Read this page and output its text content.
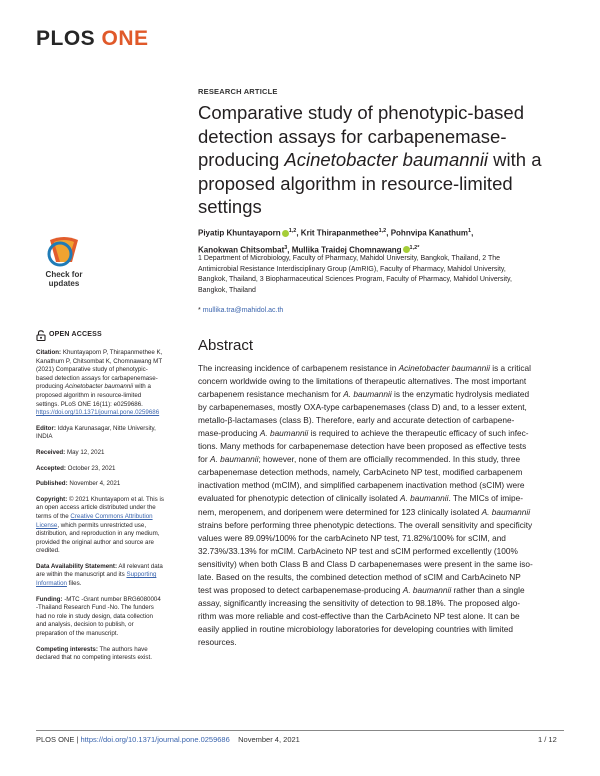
PLOS ONE
RESEARCH ARTICLE
Comparative study of phenotypic-based
detection assays for carbapenemase-
producing Acinetobacter baumannii with a
proposed algorithm in resource-limited
settings
Piyatip Khuntayaporn $^{1,2}$, Krit Thirapanmethee$^{1,2}$, Pohnvipa Kanathum$^1$,
Kanokwan Chitsombat$^3$, Mullika Traidej Chomnawang $^{1,2*}$
1 Department of Microbiology, Faculty of Pharmacy, Mahidol University, Bangkok, Thailand, 2 The
Antimicrobial Resistance Interdisciplinary Group (AmRIG), Faculty of Pharmacy, Mahidol University,
Bangkok, Thailand, 3 Biopharmaceutical Sciences Program, Faculty of Pharmacy, Mahidol University,
Bangkok, Thailand
* mullika.tra@mahidol.ac.th
Check for
updates
OPEN ACCESS

Citation: Khuntayaporn P, Thirapanmethee K, Kanathum P, Chitsombat K, Chomnawang MT (2021) Comparative study of phenotypic-based detection assays for carbapenemase-producing Acinetobacter baumannii with a proposed algorithm in resource-limited settings. PLoS ONE 16(11): e0259686. https://doi.org/10.1371/journal.pone.0259686

Editor: Iddya Karunasagar, Nitte University, INDIA

Received: May 12, 2021

Accepted: October 23, 2021

Published: November 4, 2021

Copyright: © 2021 Khuntayaporn et al. This is an open access article distributed under the terms of the Creative Commons Attribution License, which permits unrestricted use, distribution, and reproduction in any medium, provided the original author and source are credited.

Data Availability Statement: All relevant data are within the manuscript and its Supporting Information files.

Funding: -MTC -Grant number BRG6080004 -Thailand Research Fund -No. The funders had no role in study design, data collection and analysis, decision to publish, or preparation of the manuscript.

Competing interests: The authors have declared that no competing interests exist.

Abstract
The increasing incidence of carbapenem resistance in Acinetobacter baumannii is a critical
concern worldwide owing to the limitations of therapeutic alternatives. The most important
carbapenem resistance mechanism for A. baumannii is the enzymatic hydrolysis mediated
by carbapenemases, mostly OXA-type carbapenemases (class D) and, to a lesser extent,
metallo-β-lactamases (class B). Therefore, early and accurate detection of carbapene-
mase-producing A. baumannii is required to achieve the therapeutic efficacy of such infec-
tions. Many methods for carbapenemase detection have been proposed as effective tests
for A. baumannii; however, none of them are officially recommended. In this study, three
carbapenemase detection methods, namely, CarbAcineto NP test, modified carbapenem
inactivation method (mCIM), and simplified carbapenem inactivation method (sCIM) were
evaluated for phenotypic detection of clinically isolated A. baumannii. The MICs of imipe-
nem, meropenem, and doripenem were determined for 123 clinically isolated A. baumannii
strains before performing three phenotypic detections. The overall sensitivity and specificity
values were 89.09%/100% for the carbAcineto NP test, 71.82%/100% for sCIM, and
32.73%/33.13% for mCIM. CarbAcineto NP test and sCIM performed excellently (100%
sensitivity) when both Class B and Class D carbapenemases were present in the same iso-
late. Based on the results, the combined detection method of sCIM and CarbAcineto NP
test was proposed to detect carbapenemase-producing A. baumannii rather than a single
assay, significantly increasing the sensitivity of detection to 98.18%. The proposed algo-
rithm was more reliable and cost-effective than the CarbAcineto NP test alone. It can be
easily applied in routine microbiology laboratories for developing countries with limited
resources.
PLOS ONE | https://doi.org/10.1371/journal.pone.0259686 November 4, 2021	1 / 12
